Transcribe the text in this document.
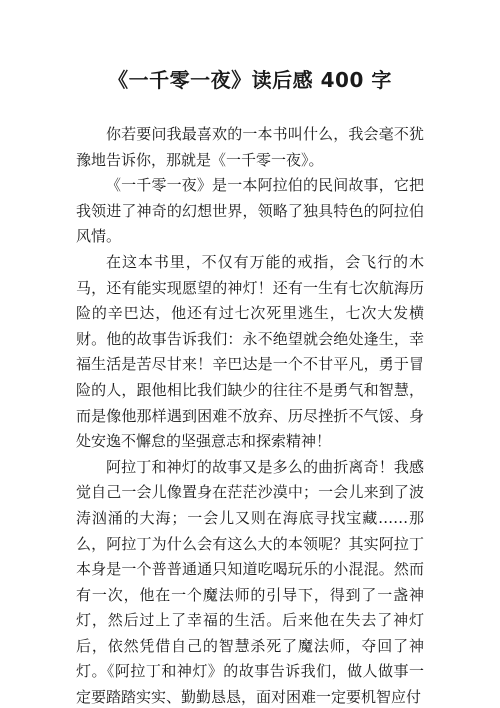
《一千零一夜》读后感 400 字

你若要问我最喜欢的一本书叫什么，我会毫不犹豫地告诉你，那就是《一千零一夜》。

《一千零一夜》是一本阿拉伯的民间故事，它把我领进了神奇的幻想世界，领略了独具特色的阿拉伯风情。

在这本书里，不仅有万能的戒指，会飞行的木马，还有能实现愿望的神灯！还有一生有七次航海历险的辛巴达，他还有过七次死里逃生，七次大发横财。他的故事告诉我们：永不绝望就会绝处逢生，幸福生活是苦尽甘来！辛巴达是一个不甘平凡，勇于冒险的人，跟他相比我们缺少的往往不是勇气和智慧，而是像他那样遇到困难不放弃、历尽挫折不气馁、身处安逸不懈怠的坚强意志和探索精神！

阿拉丁和神灯的故事又是多么的曲折离奇！我感觉自己一会儿像置身在茫茫沙漠中；一会儿来到了波涛汹涌的大海；一会儿又则在海底寻找宝藏……那么，阿拉丁为什么会有这么大的本领呢？其实阿拉丁本身是一个普普通通只知道吃喝玩乐的小混混。然而有一次，他在一个魔法师的引导下，得到了一盏神灯，然后过上了幸福的生活。后来他在失去了神灯后，依然凭借自己的智慧杀死了魔法师，夺回了神灯。《阿拉丁和神灯》的故事告诉我们，做人做事一定要踏踏实实、勤勤恳恳，面对困难一定要机智应付
